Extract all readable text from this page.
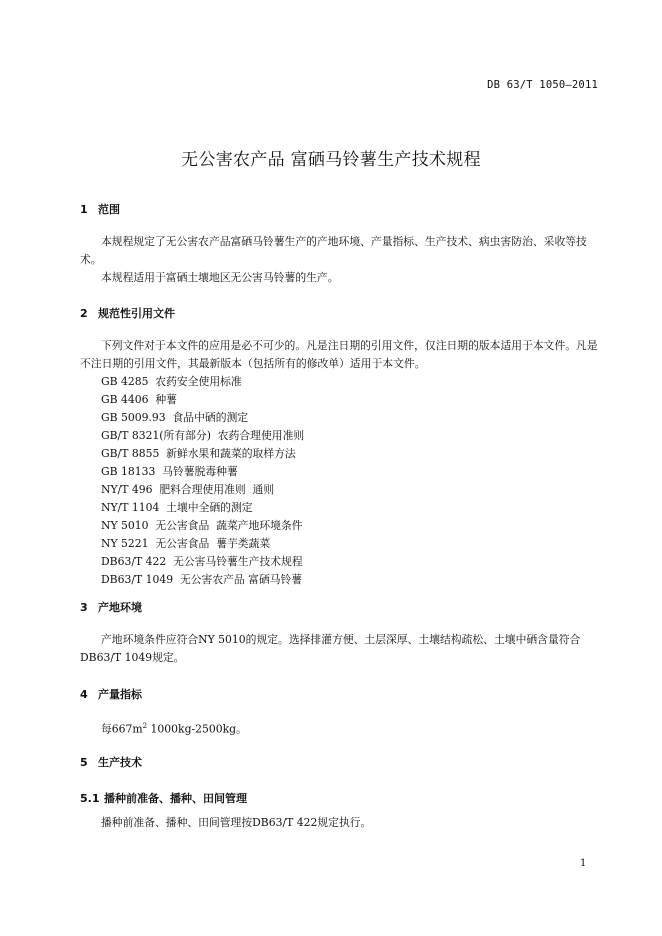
DB 63/T 1050—2011
无公害农产品 富硒马铃薯生产技术规程
1 范围
本规程规定了无公害农产品富硒马铃薯生产的产地环境、产量指标、生产技术、病虫害防治、采收等技术。
本规程适用于富硒土壤地区无公害马铃薯的生产。
2 规范性引用文件
下列文件对于本文件的应用是必不可少的。凡是注日期的引用文件，仅注日期的版本适用于本文件。凡是不注日期的引用文件，其最新版本（包括所有的修改单）适用于本文件。
GB 4285  农药安全使用标准
GB 4406  种薯
GB 5009.93  食品中硒的测定
GB/T 8321(所有部分)  农药合理使用准则
GB/T 8855  新鲜水果和蔬菜的取样方法
GB 18133  马铃薯脱毒种薯
NY/T 496  肥料合理使用准则  通则
NY/T 1104  土壤中全硒的测定
NY 5010  无公害食品  蔬菜产地环境条件
NY 5221  无公害食品  薯芋类蔬菜
DB63/T 422  无公害马铃薯生产技术规程
DB63/T 1049  无公害农产品 富硒马铃薯
3 产地环境
产地环境条件应符合NY 5010的规定。选择排灌方便、土层深厚、土壤结构疏松、土壤中硒含量符合DB63/T 1049规定。
4 产量指标
每$667m^2$ 1000kg-2500kg。
5 生产技术
5.1 播种前准备、播种、田间管理
播种前准备、播种、田间管理按DB63/T 422规定执行。
1
